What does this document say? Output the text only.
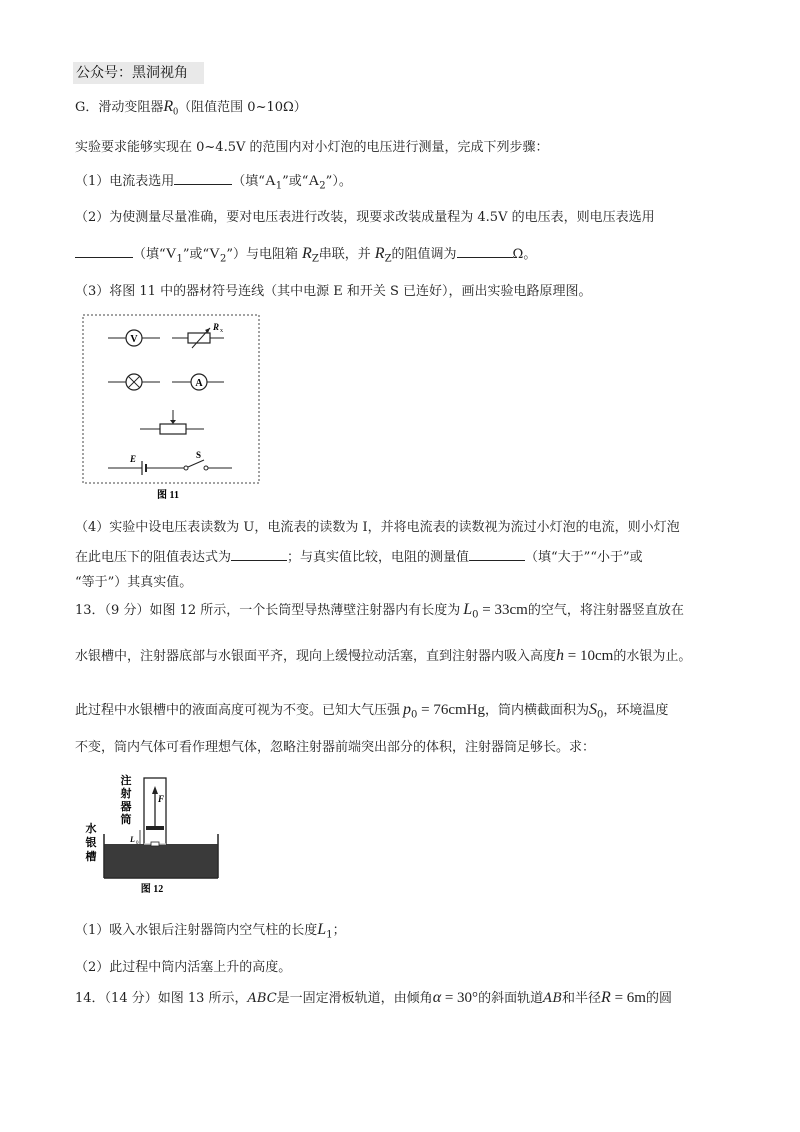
公众号：黑洞视角
G．滑动变阻器$R_0$（阻值范围 0~10Ω）
实验要求能够实现在 0~4.5V 的范围内对小灯泡的电压进行测量，完成下列步骤：
（1）电流表选用	（填“$A_1$”或“$A_2$”）。
（2）为使测量尽量准确，要对电压表进行改装，现要求改装成量程为 4.5V 的电压表，则电压表选用
（填“$V_1$”或“$V_2$”）与电阻箱 $R_Z$串联，并 $R_Z$的阻值调为	Ω。
（3）将图 11 中的器材符号连线（其中电源 E 和开关 S 已连好），画出实验电路原理图。
V
R x
A
E	S
图 11
（4）实验中设电压表读数为 U，电流表的读数为 I，并将电流表的读数视为流过小灯泡的电流，则小灯泡
在此电压下的阻值表达式为	；与真实值比较，电阻的测量值	（填“大于”“小于”或
“等于”）其真实值。
13．（9 分）如图 12 所示，一个长筒型导热薄壁注射器内有长度为 $L_0 = 33cm$的空气，将注射器竖直放在
水银槽中，注射器底部与水银面平齐，现向上缓慢拉动活塞，直到注射器内吸入高度h = 10cm的水银为止。
此过程中水银槽中的液面高度可视为不变。已知大气压强 $p_0$ = 76cmHg，筒内横截面积为$S_0$，环境温度
不变，筒内气体可看作理想气体，忽略注射器前端突出部分的体积，注射器筒足够长。求：
F
L 0
注
射
器
筒
水
银
槽
图 12
（1）吸入水银后注射器筒内空气柱的长度$L_1$；
（2）此过程中筒内活塞上升的高度。
14．（14 分）如图 13 所示，ABC是一固定滑板轨道，由倾角α = 30°的斜面轨道AB和半径R = 6m的圆
